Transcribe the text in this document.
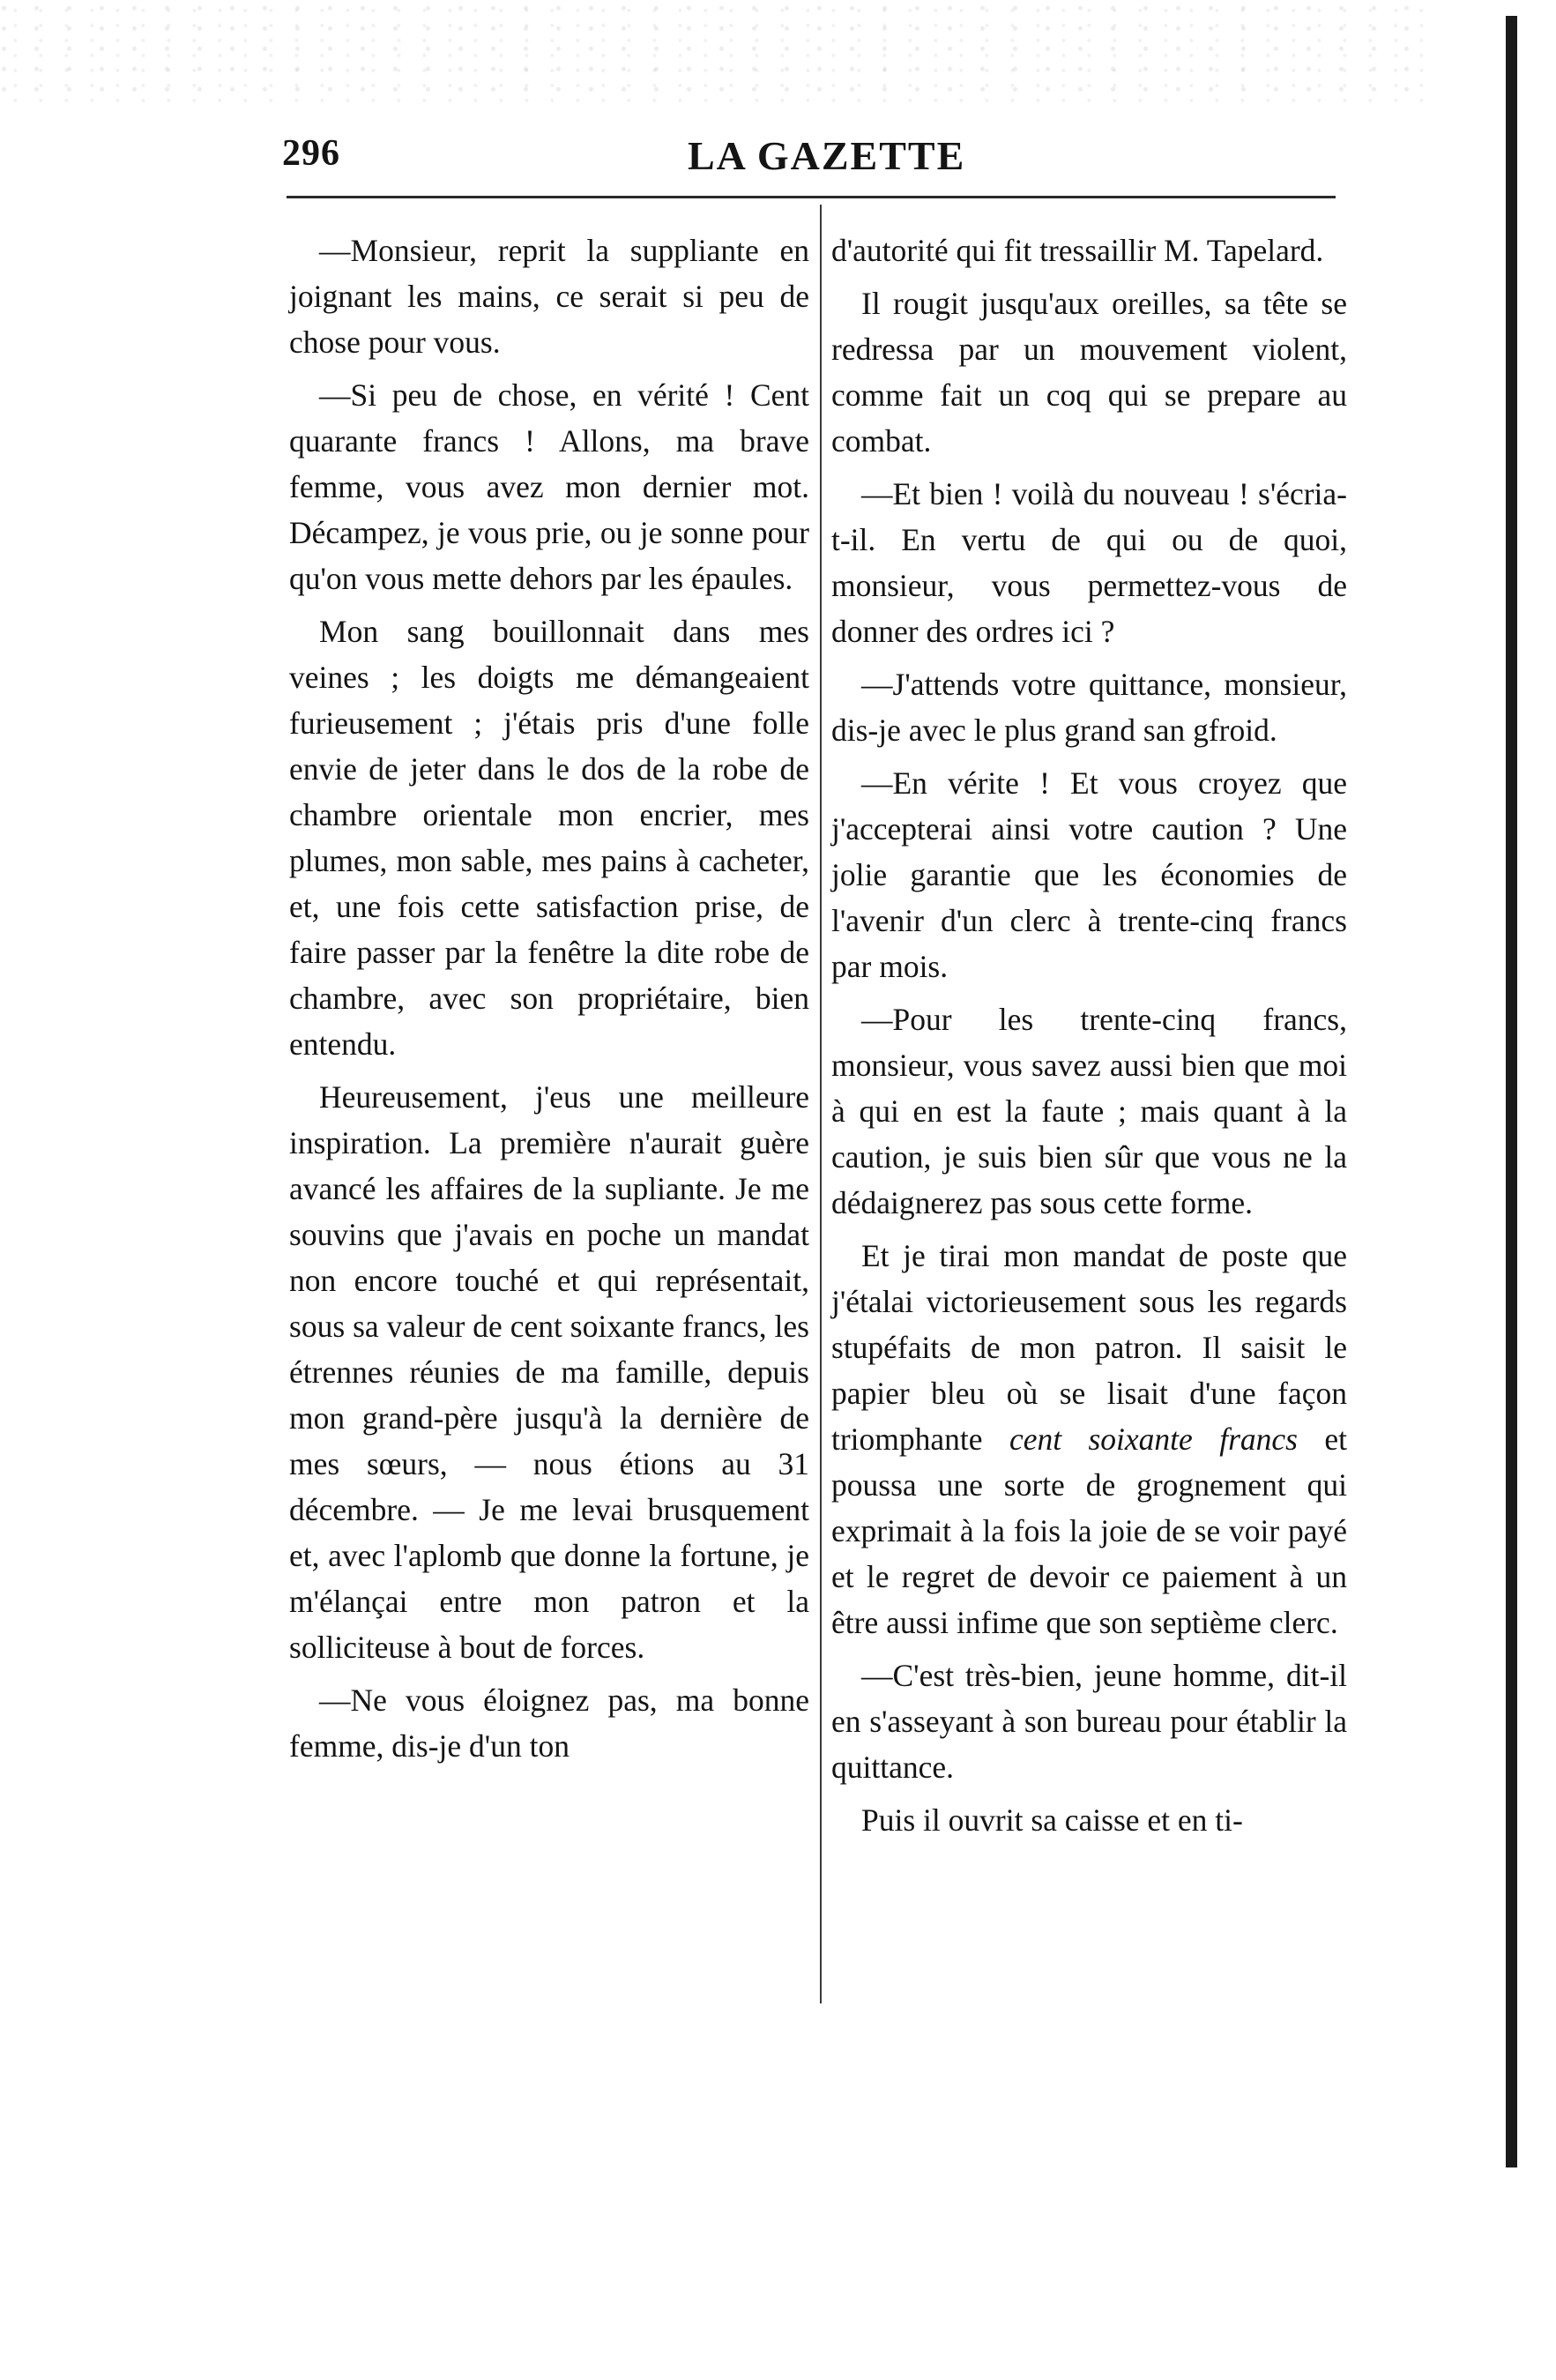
296	LA GAZETTE

—Monsieur, reprit la suppliante en joignant les mains, ce serait si peu de chose pour vous.

—Si peu de chose, en vérité ! Cent quarante francs ! Allons, ma brave femme, vous avez mon dernier mot. Décampez, je vous prie, ou je sonne pour qu'on vous mette dehors par les épaules.

Mon sang bouillonnait dans mes veines ; les doigts me démangeaient furieusement ; j'étais pris d'une folle envie de jeter dans le dos de la robe de chambre orientale mon encrier, mes plumes, mon sable, mes pains à cacheter, et, une fois cette satisfaction prise, de faire passer par la fenêtre la dite robe de chambre, avec son propriétaire, bien entendu.

Heureusement, j'eus une meilleure inspiration. La première n'aurait guère avancé les affaires de la supliante. Je me souvins que j'avais en poche un mandat non encore touché et qui représentait, sous sa valeur de cent soixante francs, les étrennes réunies de ma famille, depuis mon grand-père jusqu'à la dernière de mes sœurs, — nous étions au 31 décembre. — Je me levai brusquement et, avec l'aplomb que donne la fortune, je m'élançai entre mon patron et la solliciteuse à bout de forces.

—Ne vous éloignez pas, ma bonne femme, dis-je d'un ton

d'autorité qui fit tressaillir M. Tapelard.

Il rougit jusqu'aux oreilles, sa tête se redressa par un mouvement violent, comme fait un coq qui se prepare au combat.

—Et bien ! voilà du nouveau ! s'écria-t-il. En vertu de qui ou de quoi, monsieur, vous permettez-vous de donner des ordres ici ?

—J'attends votre quittance, monsieur, dis-je avec le plus grand san gfroid.

—En vérite ! Et vous croyez que j'accepterai ainsi votre caution ? Une jolie garantie que les économies de l'avenir d'un clerc à trente-cinq francs par mois.

—Pour les trente-cinq francs, monsieur, vous savez aussi bien que moi à qui en est la faute ; mais quant à la caution, je suis bien sûr que vous ne la dédaignerez pas sous cette forme.

Et je tirai mon mandat de poste que j'étalai victorieusement sous les regards stupéfaits de mon patron. Il saisit le papier bleu où se lisait d'une façon triomphante cent soixante francs et poussa une sorte de grognement qui exprimait à la fois la joie de se voir payé et le regret de devoir ce paiement à un être aussi infime que son septième clerc.

—C'est très-bien, jeune homme, dit-il en s'asseyant à son bureau pour établir la quittance.

Puis il ouvrit sa caisse et en ti-
